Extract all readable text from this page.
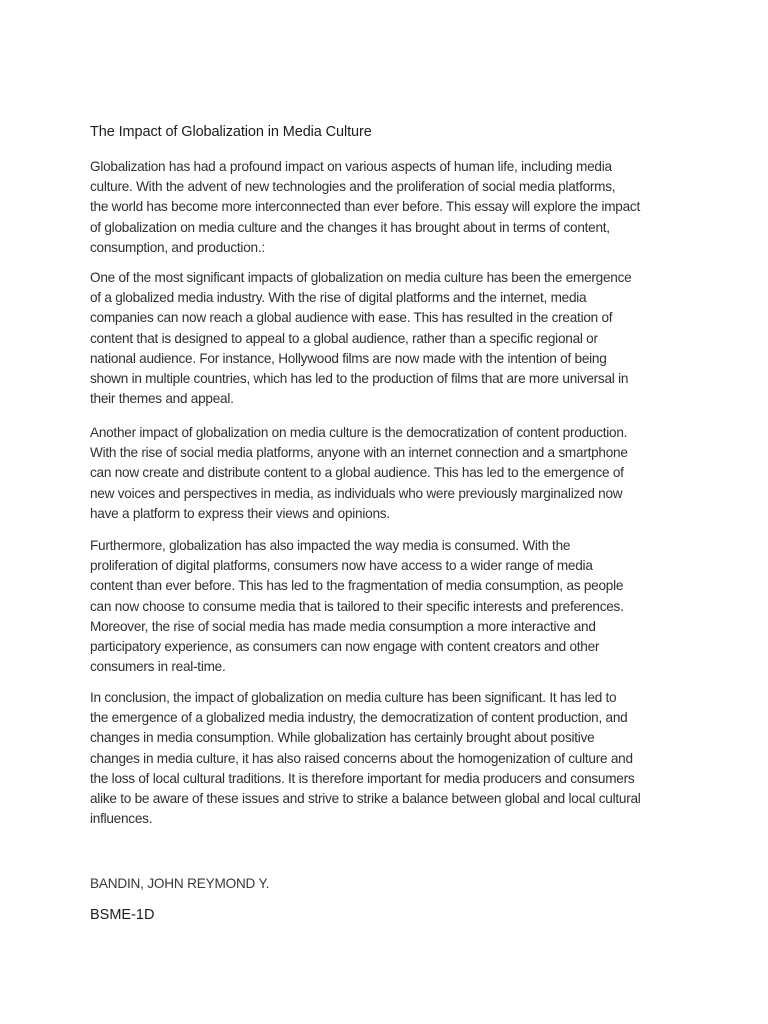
The Impact of Globalization in Media Culture
Globalization has had a profound impact on various aspects of human life, including media
culture. With the advent of new technologies and the proliferation of social media platforms,
the world has become more interconnected than ever before. This essay will explore the impact
of globalization on media culture and the changes it has brought about in terms of content,
consumption, and production.:
One of the most significant impacts of globalization on media culture has been the emergence
of a globalized media industry. With the rise of digital platforms and the internet, media
companies can now reach a global audience with ease. This has resulted in the creation of
content that is designed to appeal to a global audience, rather than a specific regional or
national audience. For instance, Hollywood films are now made with the intention of being
shown in multiple countries, which has led to the production of films that are more universal in
their themes and appeal.
Another impact of globalization on media culture is the democratization of content production.
With the rise of social media platforms, anyone with an internet connection and a smartphone
can now create and distribute content to a global audience. This has led to the emergence of
new voices and perspectives in media, as individuals who were previously marginalized now
have a platform to express their views and opinions.
Furthermore, globalization has also impacted the way media is consumed. With the
proliferation of digital platforms, consumers now have access to a wider range of media
content than ever before. This has led to the fragmentation of media consumption, as people
can now choose to consume media that is tailored to their specific interests and preferences.
Moreover, the rise of social media has made media consumption a more interactive and
participatory experience, as consumers can now engage with content creators and other
consumers in real-time.
In conclusion, the impact of globalization on media culture has been significant. It has led to
the emergence of a globalized media industry, the democratization of content production, and
changes in media consumption. While globalization has certainly brought about positive
changes in media culture, it has also raised concerns about the homogenization of culture and
the loss of local cultural traditions. It is therefore important for media producers and consumers
alike to be aware of these issues and strive to strike a balance between global and local cultural
influences.
BANDIN, JOHN REYMOND Y.
BSME-1D
